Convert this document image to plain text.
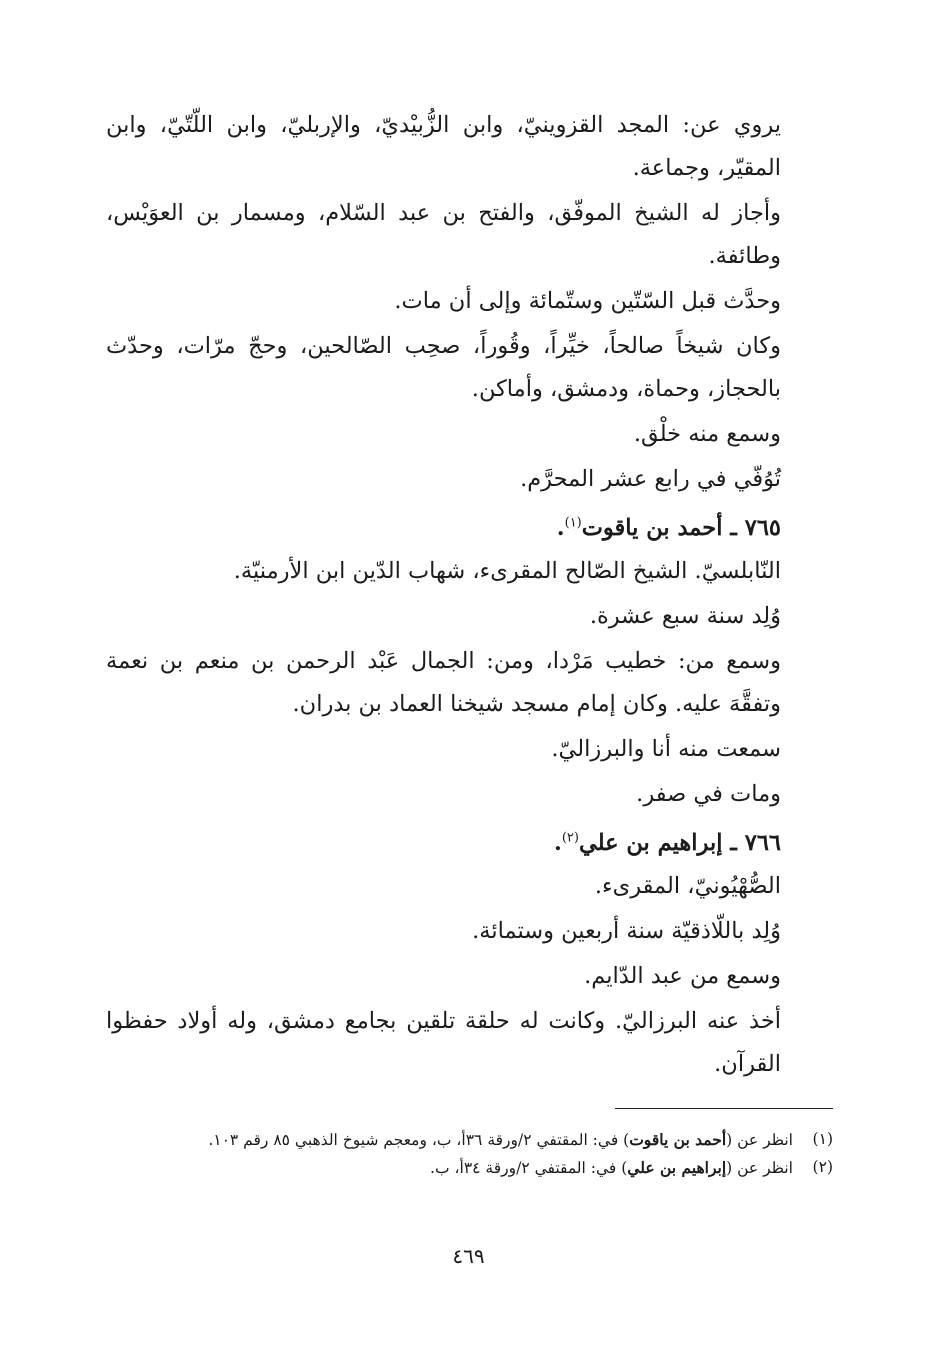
يروي عن: المجد القزوينيّ، وابن الزُّبيْديّ، والإربليّ، وابن اللّتّيّ، وابن المقيّر، وجماعة.

وأجاز له الشيخ الموفّق، والفتح بن عبد السّلام، ومسمار بن العوَيْس، وطائفة.

وحدَّث قبل السّتّين وستّمائة وإلى أن مات.

وكان شيخاً صالحاً، خيِّراً، وقُوراً، صحِب الصّالحين، وحجّ مرّات، وحدّث بالحجاز، وحماة، ودمشق، وأماكن.

وسمع منه خلْق.

تُوُفّي في رابع عشر المحرَّم.

٧٦٥ ـ أحمد بن ياقوت$^{(١)}$.

النّابلسيّ. الشيخ الصّالح المقرىء، شهاب الدّين ابن الأرمنيّة.

وُلِد سنة سبع عشرة.

وسمع من: خطيب مَرْدا، ومن: الجمال عَبْد الرحمن بن منعم بن نعمة وتفقَّهَ عليه. وكان إمام مسجد شيخنا العماد بن بدران.

سمعت منه أنا والبرزاليّ.

ومات في صفر.

٧٦٦ ـ إبراهيم بن علي$^{(٢)}$.

الصُّهْيُونيّ، المقرىء.

وُلِد باللّاذقيّة سنة أربعين وستمائة.

وسمع من عبد الدّايم.

أخذ عنه البرزاليّ. وكانت له حلقة تلقين بجامع دمشق، وله أولاد حفظوا القرآن.

(١)
انظر عن (أحمد بن ياقوت) في: المقتفي ٢/ورقة ٣٦أ، ب، ومعجم شيوخ الذهبي ٨٥ رقم ١٠٣.
(٢)
انظر عن (إبراهيم بن علي) في: المقتفي ٢/ورقة ٣٤أ، ب.
٤٦٩
